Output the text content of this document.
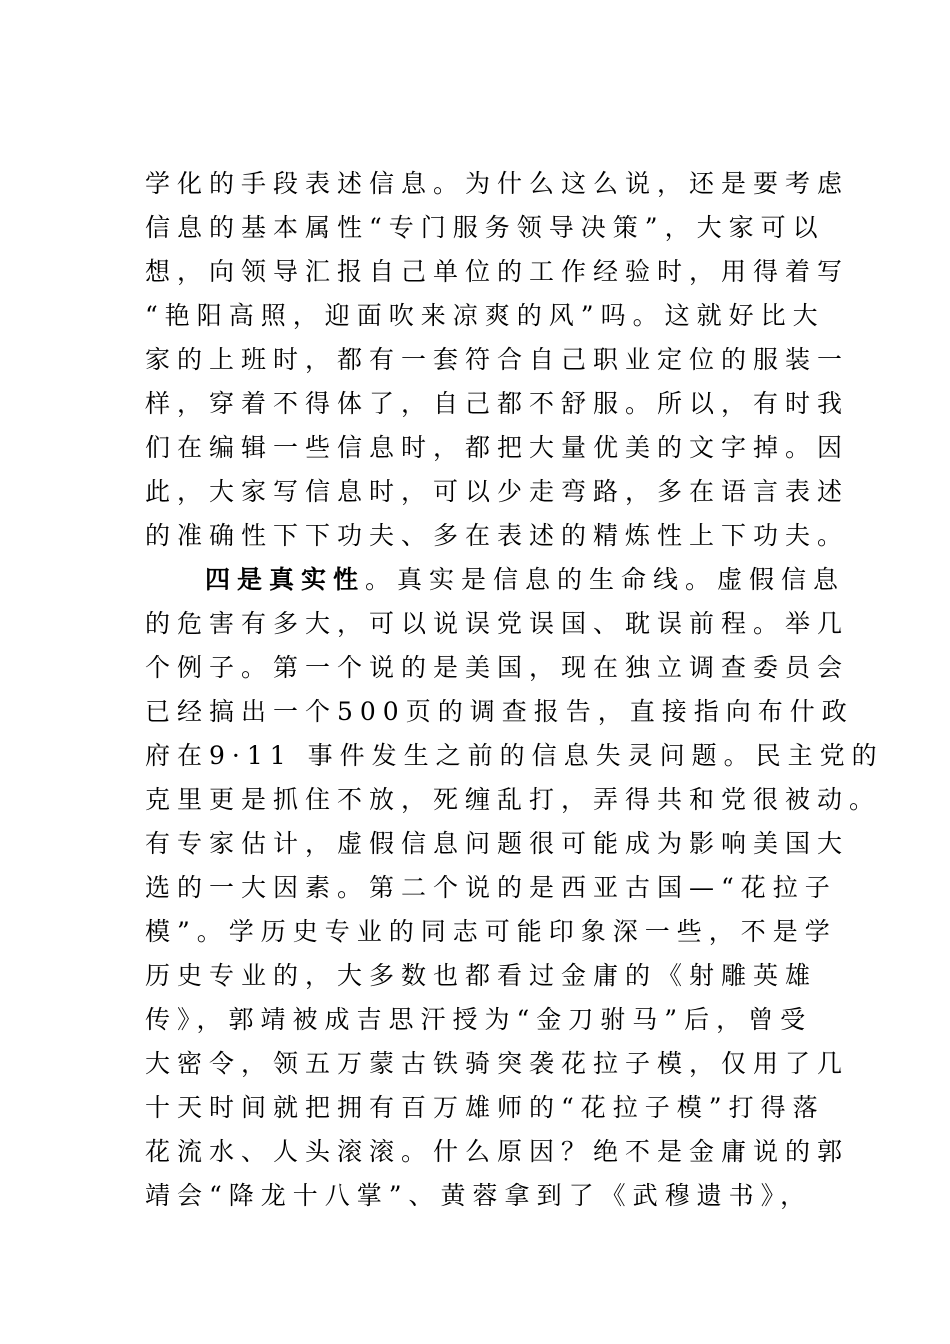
学化的手段表述信息。为什么这么说，还是要考虑
信息的基本属性“专门服务领导决策”，大家可以
想，向领导汇报自己单位的工作经验时，用得着写
“艳阳高照，迎面吹来凉爽的风”吗。这就好比大
家的上班时，都有一套符合自己职业定位的服装一
样，穿着不得体了，自己都不舒服。所以，有时我
们在编辑一些信息时，都把大量优美的文字掉。因
此，大家写信息时，可以少走弯路，多在语言表述
的准确性下下功夫、多在表述的精炼性上下功夫。
四是真实性。真实是信息的生命线。虚假信息
的危害有多大，可以说误党误国、耽误前程。举几
个例子。第一个说的是美国，现在独立调查委员会
已经搞出一个500页的调查报告，直接指向布什政
府在9·11 事件发生之前的信息失灵问题。民主党的
克里更是抓住不放，死缠乱打，弄得共和党很被动。
有专家估计，虚假信息问题很可能成为影响美国大
选的一大因素。第二个说的是西亚古国—“花拉子
模”。学历史专业的同志可能印象深一些，不是学
历史专业的，大多数也都看过金庸的《射雕英雄
传》，郭靖被成吉思汗授为“金刀驸马”后，曾受
大密令，领五万蒙古铁骑突袭花拉子模，仅用了几
十天时间就把拥有百万雄师的“花拉子模”打得落
花流水、人头滚滚。什么原因？绝不是金庸说的郭
靖会“降龙十八掌”、黄蓉拿到了《武穆遗书》，
